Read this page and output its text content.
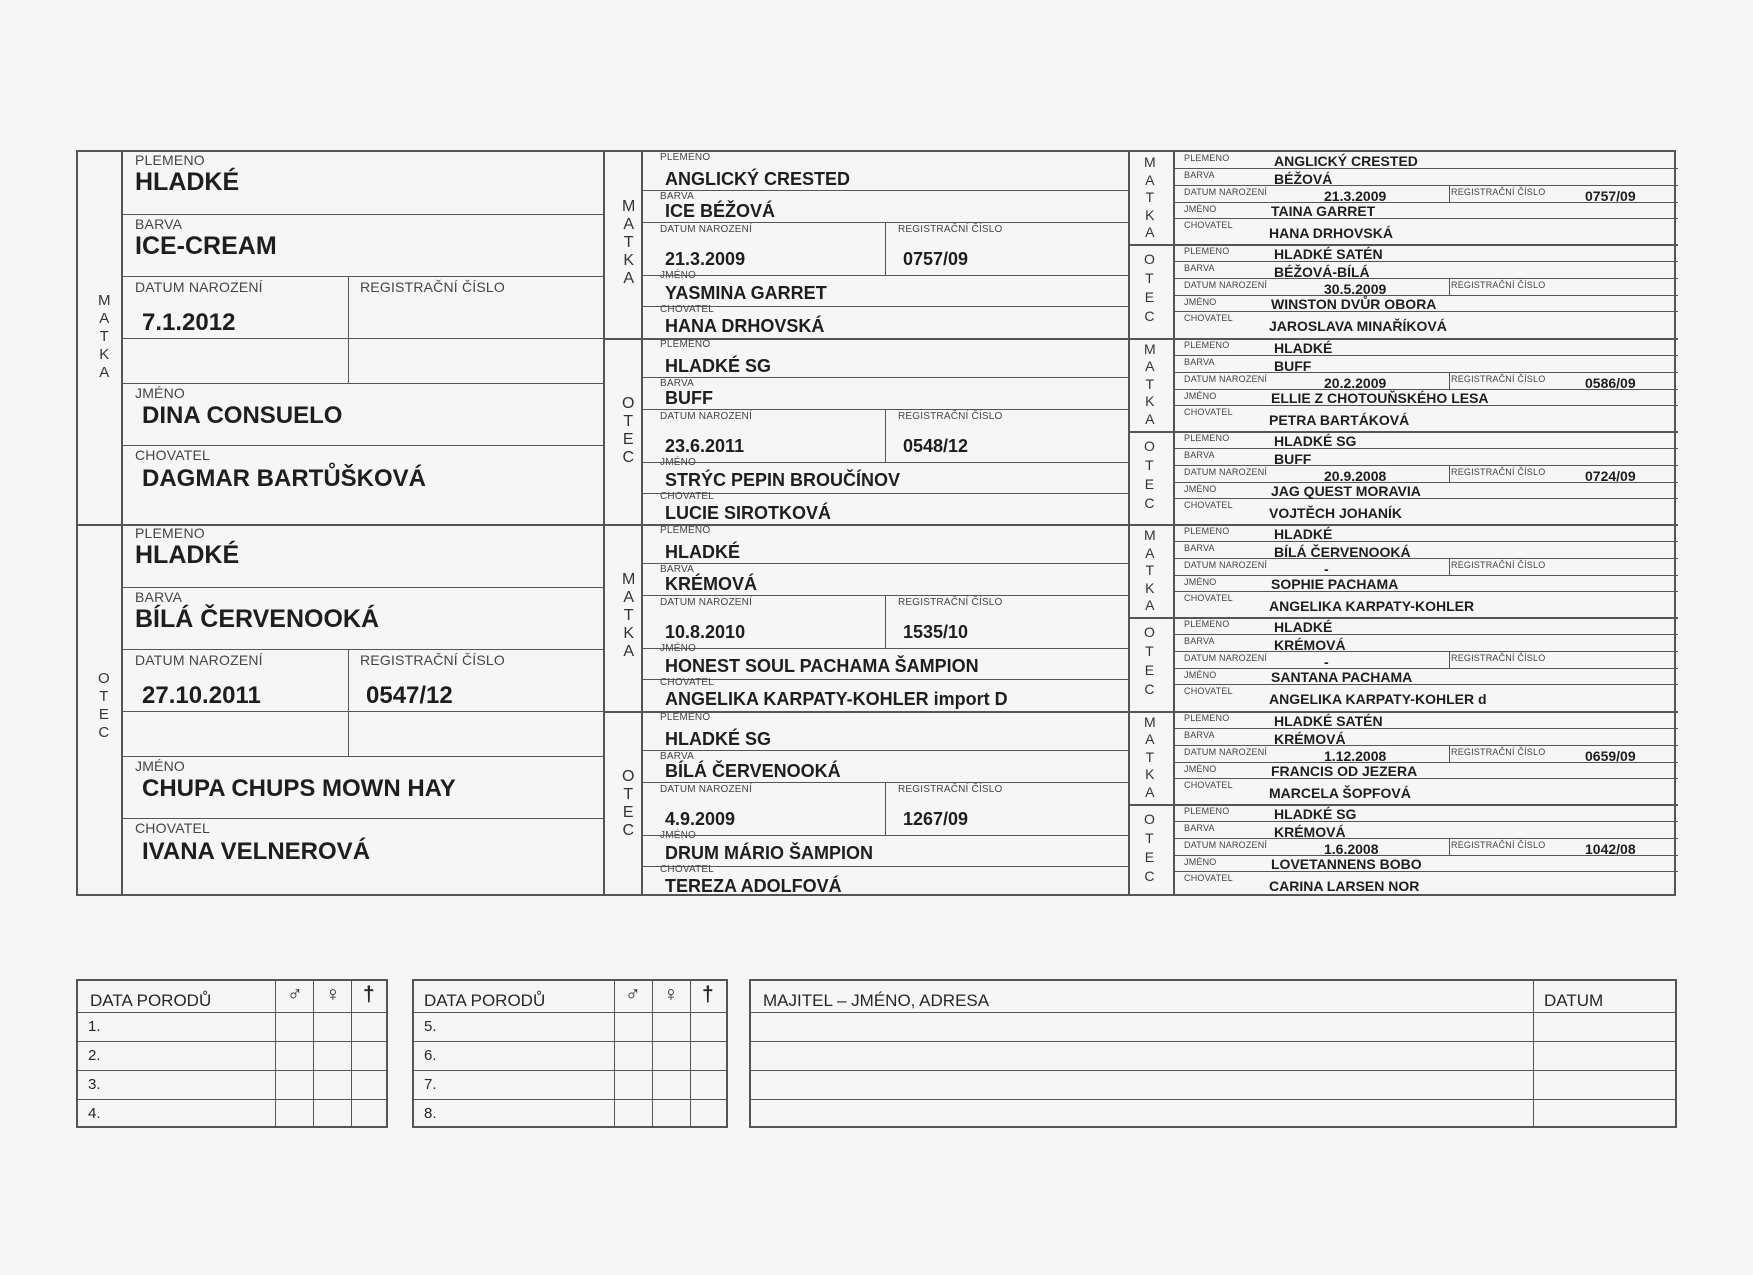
PLEMENO
HLADKÉ
BARVA
ICE-CREAM
DATUM NAROZENÍ
7.1.2012
REGISTRAČNÍ ČÍSLO
JMÉNO
DINA CONSUELO
CHOVATEL
DAGMAR BARTŮŠKOVÁ
M
A
T
K
A
PLEMENO
HLADKÉ
BARVA
BÍLÁ ČERVENOOKÁ
DATUM NAROZENÍ
27.10.2011
REGISTRAČNÍ ČÍSLO
0547/12
JMÉNO
CHUPA CHUPS MOWN HAY
CHOVATEL
IVANA VELNEROVÁ
O
T
E
C
PLEMENO
ANGLICKÝ CRESTED
BARVA
ICE BÉŽOVÁ
DATUM NAROZENÍ
21.3.2009
REGISTRAČNÍ ČÍSLO
0757/09
JMÉNO
YASMINA GARRET
CHOVATEL
HANA DRHOVSKÁ
M
A
T
K
A
PLEMENO
HLADKÉ SG
BARVA
BUFF
DATUM NAROZENÍ
23.6.2011
REGISTRAČNÍ ČÍSLO
0548/12
JMÉNO
STRÝC PEPIN BROUČÍNOV
CHOVATEL
LUCIE SIROTKOVÁ
O
T
E
C
PLEMENO
HLADKÉ
BARVA
KRÉMOVÁ
DATUM NAROZENÍ
10.8.2010
REGISTRAČNÍ ČÍSLO
1535/10
JMÉNO
HONEST SOUL PACHAMA ŠAMPION
CHOVATEL
ANGELIKA KARPATY-KOHLER import D
M
A
T
K
A
PLEMENO
HLADKÉ SG
BARVA
BÍLÁ ČERVENOOKÁ
DATUM NAROZENÍ
4.9.2009
REGISTRAČNÍ ČÍSLO
1267/09
JMÉNO
DRUM MÁRIO ŠAMPION
CHOVATEL
TEREZA ADOLFOVÁ
O
T
E
C
PLEMENO	ANGLICKÝ CRESTED
BARVA	BÉŽOVÁ
DATUM NAROZENÍ	21.3.2009	REGISTRAČNÍ ČÍSLO	0757/09
JMÉNO	TAINA GARRET
CHOVATEL	HANA DRHOVSKÁ
M
A
T
K
A
PLEMENO	HLADKÉ SATÉN
BARVA	BÉŽOVÁ-BÍLÁ
DATUM NAROZENÍ	30.5.2009	REGISTRAČNÍ ČÍSLO
JMÉNO	WINSTON DVŮR OBORA
CHOVATEL	JAROSLAVA MINAŘÍKOVÁ
O
T
E
C
PLEMENO	HLADKÉ
BARVA	BUFF
DATUM NAROZENÍ	20.2.2009	REGISTRAČNÍ ČÍSLO	0586/09
JMÉNO	ELLIE Z CHOTOUŇSKÉHO LESA
CHOVATEL	PETRA BARTÁKOVÁ
M
A
T
K
A
PLEMENO	HLADKÉ SG
BARVA	BUFF
DATUM NAROZENÍ	20.9.2008	REGISTRAČNÍ ČÍSLO	0724/09
JMÉNO	JAG QUEST MORAVIA
CHOVATEL	VOJTĚCH JOHANÍK
O
T
E
C
PLEMENO	HLADKÉ
BARVA	BÍLÁ ČERVENOOKÁ
DATUM NAROZENÍ	-	REGISTRAČNÍ ČÍSLO
JMÉNO	SOPHIE PACHAMA
CHOVATEL	ANGELIKA KARPATY-KOHLER
M
A
T
K
A
PLEMENO	HLADKÉ
BARVA	KRÉMOVÁ
DATUM NAROZENÍ	-	REGISTRAČNÍ ČÍSLO
JMÉNO	SANTANA PACHAMA
CHOVATEL	ANGELIKA KARPATY-KOHLER d
O
T
E
C
PLEMENO	HLADKÉ SATÉN
BARVA	KRÉMOVÁ
DATUM NAROZENÍ	1.12.2008	REGISTRAČNÍ ČÍSLO	0659/09
JMÉNO	FRANCIS OD JEZERA
CHOVATEL	MARCELA ŠOPFOVÁ
M
A
T
K
A
PLEMENO	HLADKÉ SG
BARVA	KRÉMOVÁ
DATUM NAROZENÍ	1.6.2008	REGISTRAČNÍ ČÍSLO	1042/08
JMÉNO	LOVETANNENS BOBO
CHOVATEL	CARINA LARSEN NOR
O
T
E
C
DATA PORODŮ	♂ ♀ †
1.
2.
3.
4.
DATA PORODŮ	♂ ♀ †
5.
6.
7.
8.
MAJITEL – JMÉNO, ADRESA	DATUM
